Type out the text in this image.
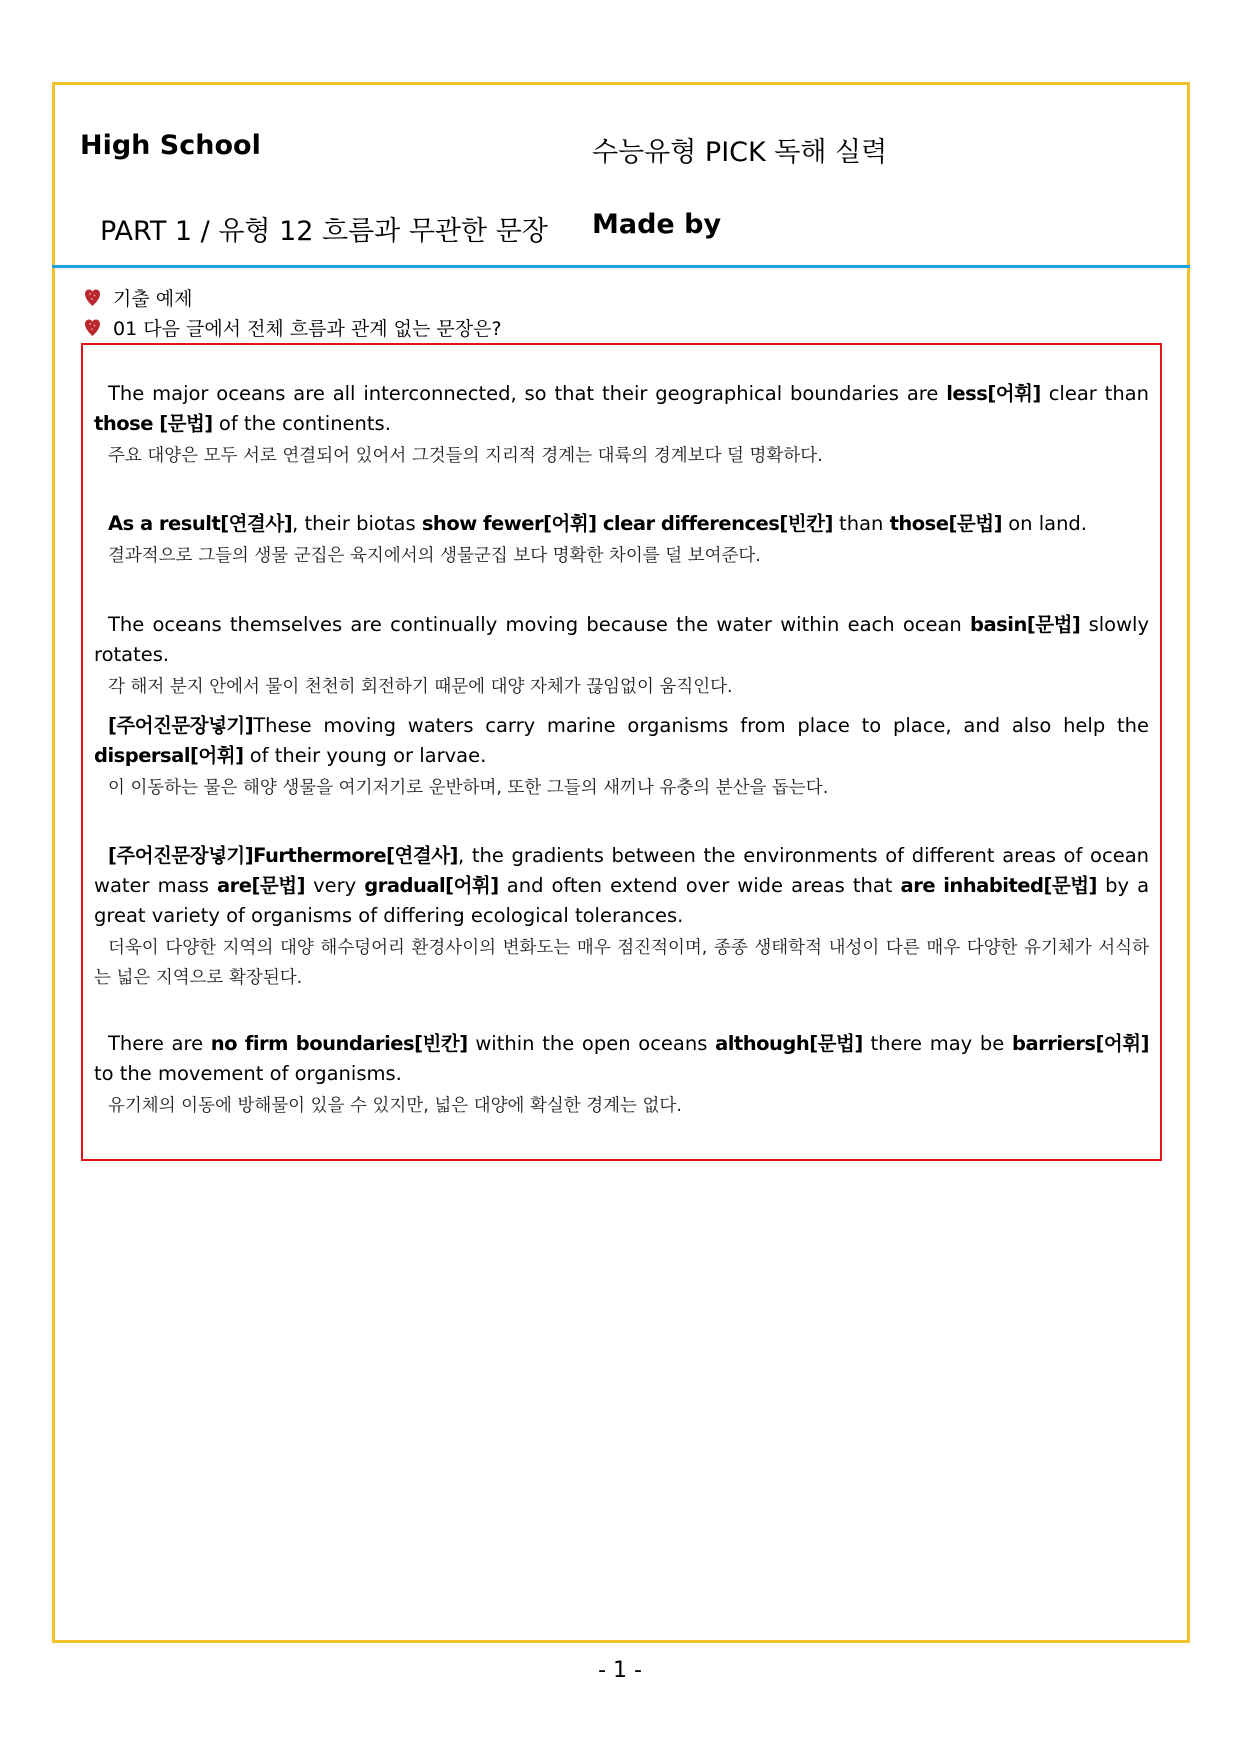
High School	수능유형 PICK 독해 실력
PART 1 / 유형 12 흐름과 무관한 문장 Made by
기출 예제
01 다음 글에서 전체 흐름과 관계 없는 문장은?
The major oceans are all interconnected, so that their geographical boundaries are less[어휘] clear than those [문법] of the continents.
주요 대양은 모두 서로 연결되어 있어서 그것들의 지리적 경계는 대륙의 경계보다 덜 명확하다.
As a result[연결사], their biotas show fewer[어휘] clear differences[빈칸] than those[문법] on land.
결과적으로 그들의 생물 군집은 육지에서의 생물군집 보다 명확한 차이를 덜 보여준다.
The oceans themselves are continually moving because the water within each ocean basin[문법] slowly rotates.
각 해저 분지 안에서 물이 천천히 회전하기 때문에 대양 자체가 끊임없이 움직인다.
[주어진문장넣기]These moving waters carry marine organisms from place to place, and also help the dispersal[어휘] of their young or larvae.
이 이동하는 물은 해양 생물을 여기저기로 운반하며, 또한 그들의 새끼나 유충의 분산을 돕는다.
[주어진문장넣기]Furthermore[연결사], the gradients between the environments of different areas of ocean water mass are[문법] very gradual[어휘] and often extend over wide areas that are inhabited[문법] by a great variety of organisms of differing ecological tolerances.
더욱이 다양한 지역의 대양 해수덩어리 환경사이의 변화도는 매우 점진적이며, 종종 생태학적 내성이 다른 매우 다양한 유기체가 서식하는 넓은 지역으로 확장된다.
There are no firm boundaries[빈칸] within the open oceans although[문법] there may be barriers[어휘] to the movement of organisms.
유기체의 이동에 방해물이 있을 수 있지만, 넓은 대양에 확실한 경계는 없다.
- 1 -
